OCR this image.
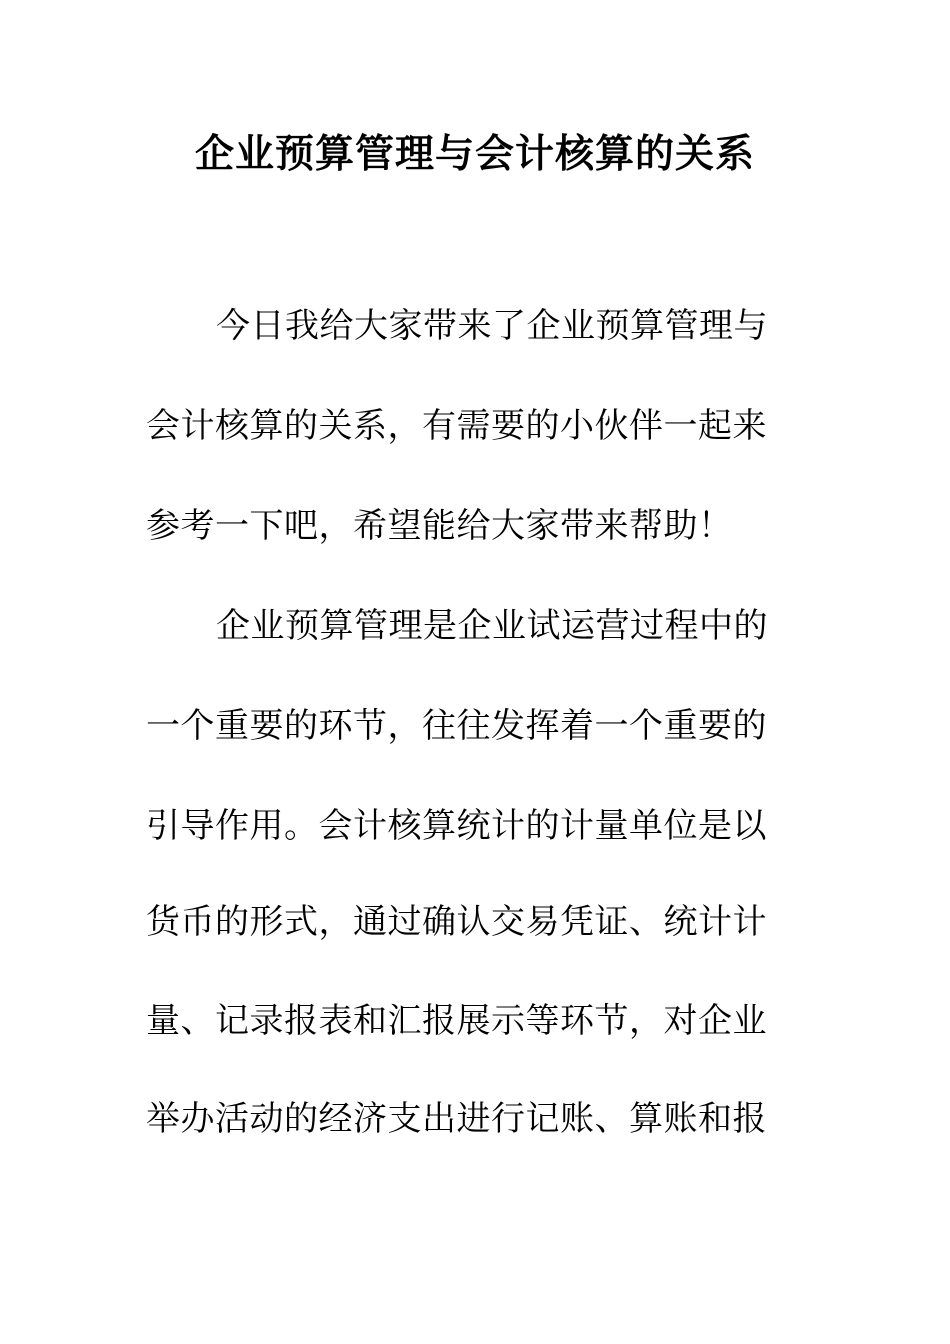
企业预算管理与会计核算的关系
今日我给大家带来了企业预算管理与
会计核算的关系，有需要的小伙伴一起来
参考一下吧，希望能给大家带来帮助！
企业预算管理是企业试运营过程中的
一个重要的环节，往往发挥着一个重要的
引导作用。会计核算统计的计量单位是以
货币的形式，通过确认交易凭证、统计计
量、记录报表和汇报展示等环节，对企业
举办活动的经济支出进行记账、算账和报
